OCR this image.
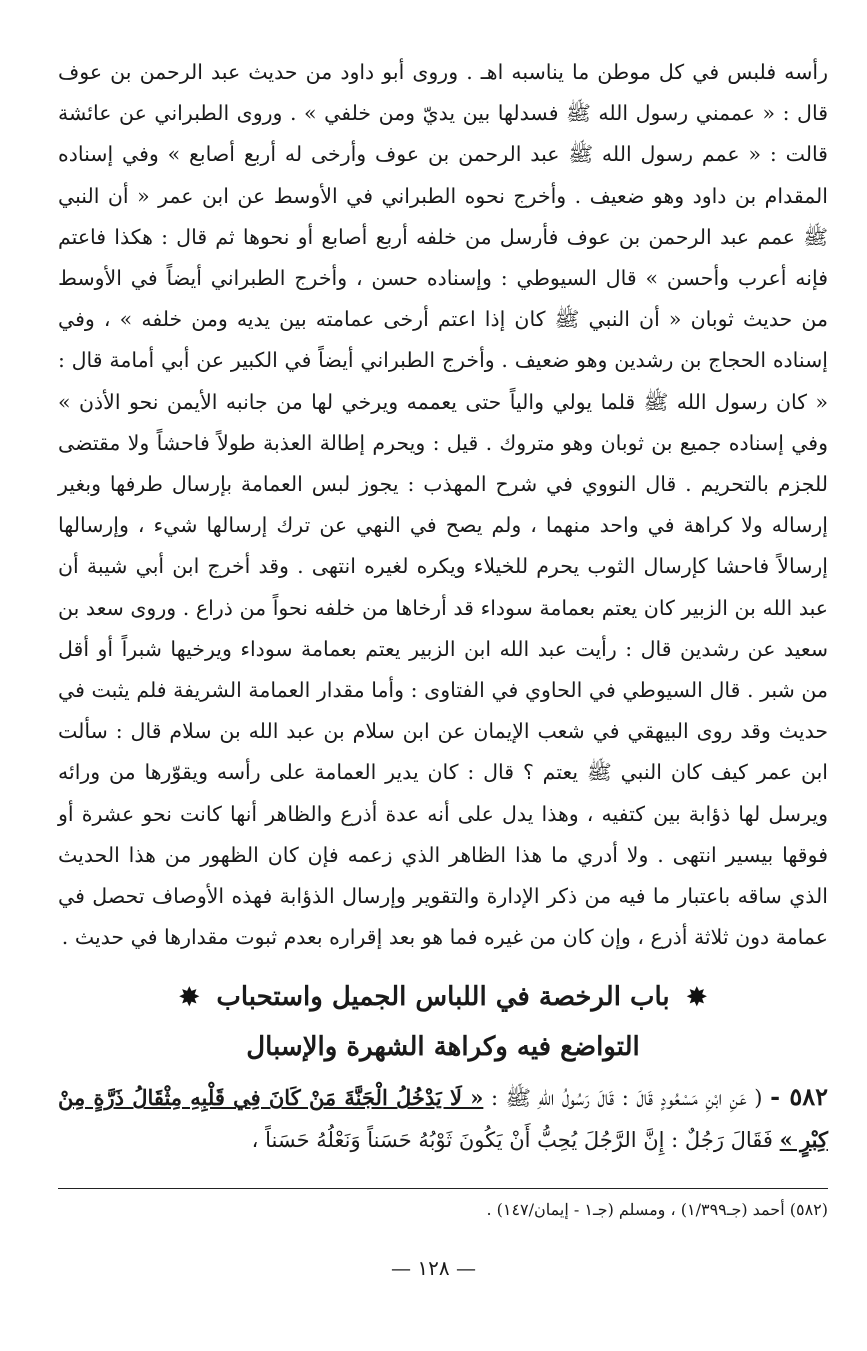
رأسه فلبس في كل موطن ما يناسبه اهـ . وروى أبو داود من حديث عبد الرحمن بن عوف قال : « عممني رسول الله ﷺ فسدلها بين يديّ ومن خلفي » . وروى الطبراني عن عائشة قالت : « عمم رسول الله ﷺ عبد الرحمن بن عوف وأرخى له أربع أصابع » وفي إسناده المقدام بن داود وهو ضعيف . وأخرج نحوه الطبراني في الأوسط عن ابن عمر « أن النبي ﷺ عمم عبد الرحمن بن عوف فأرسل من خلفه أربع أصابع أو نحوها ثم قال : هكذا فاعتم فإنه أعرب وأحسن » قال السيوطي : وإسناده حسن ، وأخرج الطبراني أيضاً في الأوسط من حديث ثوبان « أن النبي ﷺ كان إذا اعتم أرخى عمامته بين يديه ومن خلفه » ، وفي إسناده الحجاج بن رشدين وهو ضعيف . وأخرج الطبراني أيضاً في الكبير عن أبي أمامة قال : « كان رسول الله ﷺ قلما يولي والياً حتى يعممه ويرخي لها من جانبه الأيمن نحو الأذن » وفي إسناده جميع بن ثوبان وهو متروك . قيل : ويحرم إطالة العذبة طولاً فاحشاً ولا مقتضى للجزم بالتحريم . قال النووي في شرح المهذب : يجوز لبس العمامة بإرسال طرفها وبغير إرساله ولا كراهة في واحد منهما ، ولم يصح في النهي عن ترك إرسالها شيء ، وإرسالها إرسالاً فاحشا كإرسال الثوب يحرم للخيلاء ويكره لغيره انتهى . وقد أخرج ابن أبي شيبة أن عبد الله بن الزبير كان يعتم بعمامة سوداء قد أرخاها من خلفه نحواً من ذراع . وروى سعد بن سعيد عن رشدين قال : رأيت عبد الله ابن الزبير يعتم بعمامة سوداء ويرخيها شبراً أو أقل من شبر . قال السيوطي في الحاوي في الفتاوى : وأما مقدار العمامة الشريفة فلم يثبت في حديث وقد روى البيهقي في شعب الإيمان عن ابن سلام بن عبد الله بن سلام قال : سألت ابن عمر كيف كان النبي ﷺ يعتم ؟ قال : كان يدير العمامة على رأسه ويقوّرها من ورائه ويرسل لها ذؤابة بين كتفيه ، وهذا يدل على أنه عدة أذرع والظاهر أنها كانت نحو عشرة أو فوقها بيسير انتهى . ولا أدري ما هذا الظاهر الذي زعمه فإن كان الظهور من هذا الحديث الذي ساقه باعتبار ما فيه من ذكر الإدارة والتقوير وإرسال الذؤابة فهذه الأوصاف تحصل في عمامة دون ثلاثة أذرع ، وإن كان من غيره فما هو بعد إقراره بعدم ثبوت مقدارها في حديث .

✸ باب الرخصة في اللباس الجميل واستحباب ✸
التواضع فيه وكراهة الشهرة والإسبال

٥٨٢ - ( عَنِ ابْنِ مَسْعُودٍ قَالَ : قَالَ رَسُولُ اللهِ ﷺ : « لَا يَدْخُلُ الْجَنَّةَ مَنْ كَانَ فِي قَلْبِهِ مِثْقَالُ ذَرَّةٍ مِنْ كِبْرٍ » فَقَالَ رَجُلٌ : إِنَّ الرَّجُلَ يُحِبُّ أَنْ يَكُونَ ثَوْبُهُ حَسَناً وَنَعْلُهُ حَسَناً ،

(٥٨٢) أحمد (جـ١/٣٩٩) ، ومسلم (جـ١ - إيمان/١٤٧) .
— ١٢٨ —
